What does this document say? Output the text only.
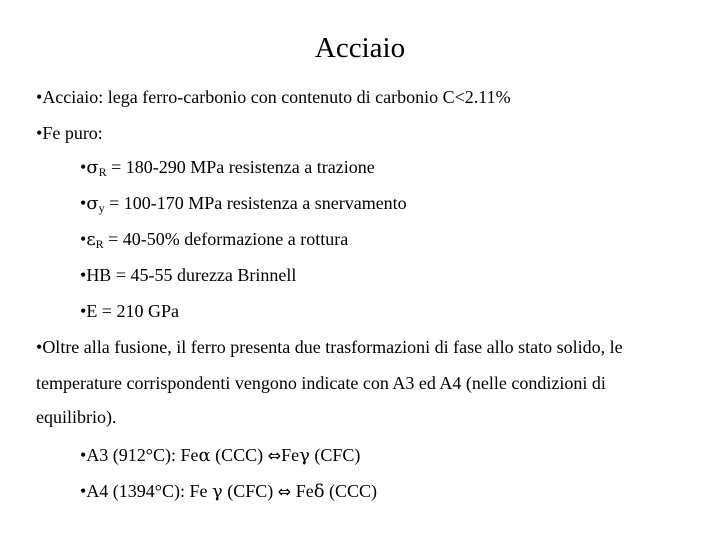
Acciaio
•Acciaio: lega ferro-carbonio con contenuto di carbonio C<2.11%
•Fe puro:
$•\sigma_R = 180-290$ MPa resistenza a trazione
$•\sigma_y = 100-170$ MPa resistenza a snervamento
$•\varepsilon_R = 40-50\%$ deformazione a rottura
•HB = 45-55 durezza Brinnell
•E = 210 GPa
•Oltre alla fusione, il ferro presenta due trasformazioni di fase allo stato solido, le
temperature corrispondenti vengono indicate con A3 ed A4 (nelle condizioni di
equilibrio).
•A3 (912°C): Feα (CCC) ⇔Feγ (CFC)
•A4 (1394°C): Fe γ (CFC) ⇔ Feδ (CCC)
